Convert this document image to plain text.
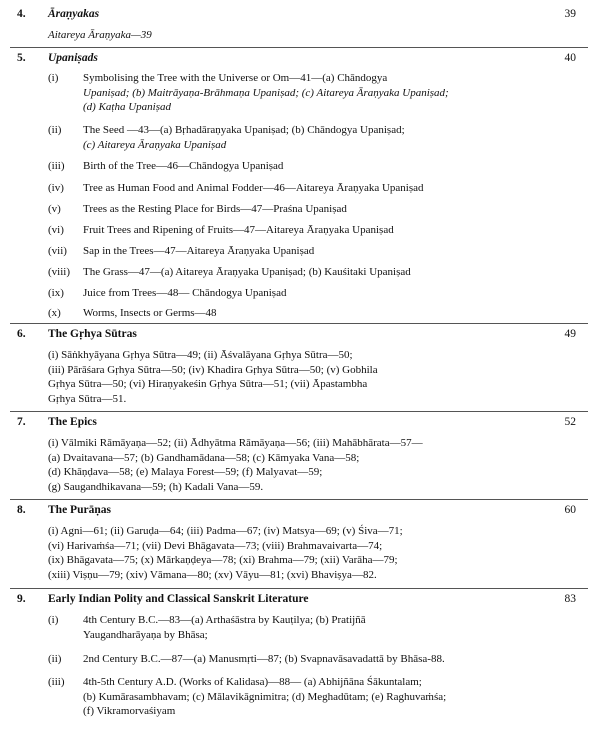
4. Āraṇyakas	39
Aitareya Āraṇyaka—39
5. Upaniṣads	40
(i)	Symbolising the Tree with the Universe or Om—41—(a) Chāndogya
Upaniṣad; (b) Maitrāyaṇa-Brāhmaṇa Upaniṣad; (c) Aitareya Āraṇyaka Upaniṣad;
(d) Kaṭha Upaniṣad
(ii)	The Seed —43—(a) Bṛhadāraṇyaka Upaniṣad; (b) Chāndogya Upaniṣad;
(c) Aitareya Āraṇyaka Upaniṣad
(iii)	Birth of the Tree—46—Chāndogya Upaniṣad
(iv)	Tree as Human Food and Animal Fodder—46—Aitareya Āraṇyaka Upaniṣad
(v)	Trees as the Resting Place for Birds—47—Praśna Upaniṣad
(vi)	Fruit Trees and Ripening of Fruits—47—Aitareya Āraṇyaka Upaniṣad
(vii)	Sap in the Trees—47—Aitareya Āraṇyaka Upaniṣad
(viii)	The Grass—47—(a) Aitareya Āraṇyaka Upaniṣad; (b) Kauśitaki Upaniṣad
(ix)	Juice from Trees—48— Chāndogya Upaniṣad
(x)	Worms, Insects or Germs—48
6. The Gṛhya Sūtras	49
(i) Sāṅkhyāyana Gṛhya Sūtra—49; (ii) Āśvalāyana Gṛhya Sūtra—50;
(iii) Pārāśara Gṛhya Sūtra—50; (iv) Khadira Gṛhya Sūtra—50; (v) Gobhila
Gṛhya Sūtra—50; (vi) Hiraṇyakeśin Gṛhya Sūtra—51; (vii) Āpastambha
Gṛhya Sūtra—51.
7. The Epics	52
(i) Vālmiki Rāmāyaṇa—52; (ii) Ādhyātma Rāmāyaṇa—56; (iii) Mahābhārata—57—
(a) Dvaitavana—57; (b) Gandhamādana—58; (c) Kāmyaka Vana—58;
(d) Khāṇḍava—58; (e) Malaya Forest—59; (f) Malyavat—59;
(g) Saugandhikavana—59; (h) Kadali Vana—59.
8. The Purāṇas	60
(i) Agni—61; (ii) Garuḍa—64; (iii) Padma—67; (iv) Matsya—69; (v) Śiva—71;
(vi) Harivaṁśa—71; (vii) Devi Bhāgavata—73; (viii) Brahmavaivarta—74;
(ix) Bhāgavata—75; (x) Mārkaṇḍeya—78; (xi) Brahma—79; (xii) Varāha—79;
(xiii) Viṣṇu—79; (xiv) Vāmana—80; (xv) Vāyu—81; (xvi) Bhaviṣya—82.
9. Early Indian Polity and Classical Sanskrit Literature	83
(i)	4th Century B.C.—83—(a) Arthaśāstra by Kauṭilya; (b) Pratijñā
Yaugandharāyaṇa by Bhāsa;
(ii)	2nd Century B.C.—87—(a) Manusmṛti—87; (b) Svapnavāsavadattā by Bhāsa-88.
(iii)	4th-5th Century A.D. (Works of Kalidasa)—88— (a) Abhijñāna Śākuntalam;
(b) Kumārasambhavam; (c) Mālavikāgnimitra; (d) Meghadūtam; (e) Raghuvaṁśa;
(f) Vikramorvaśiyam
